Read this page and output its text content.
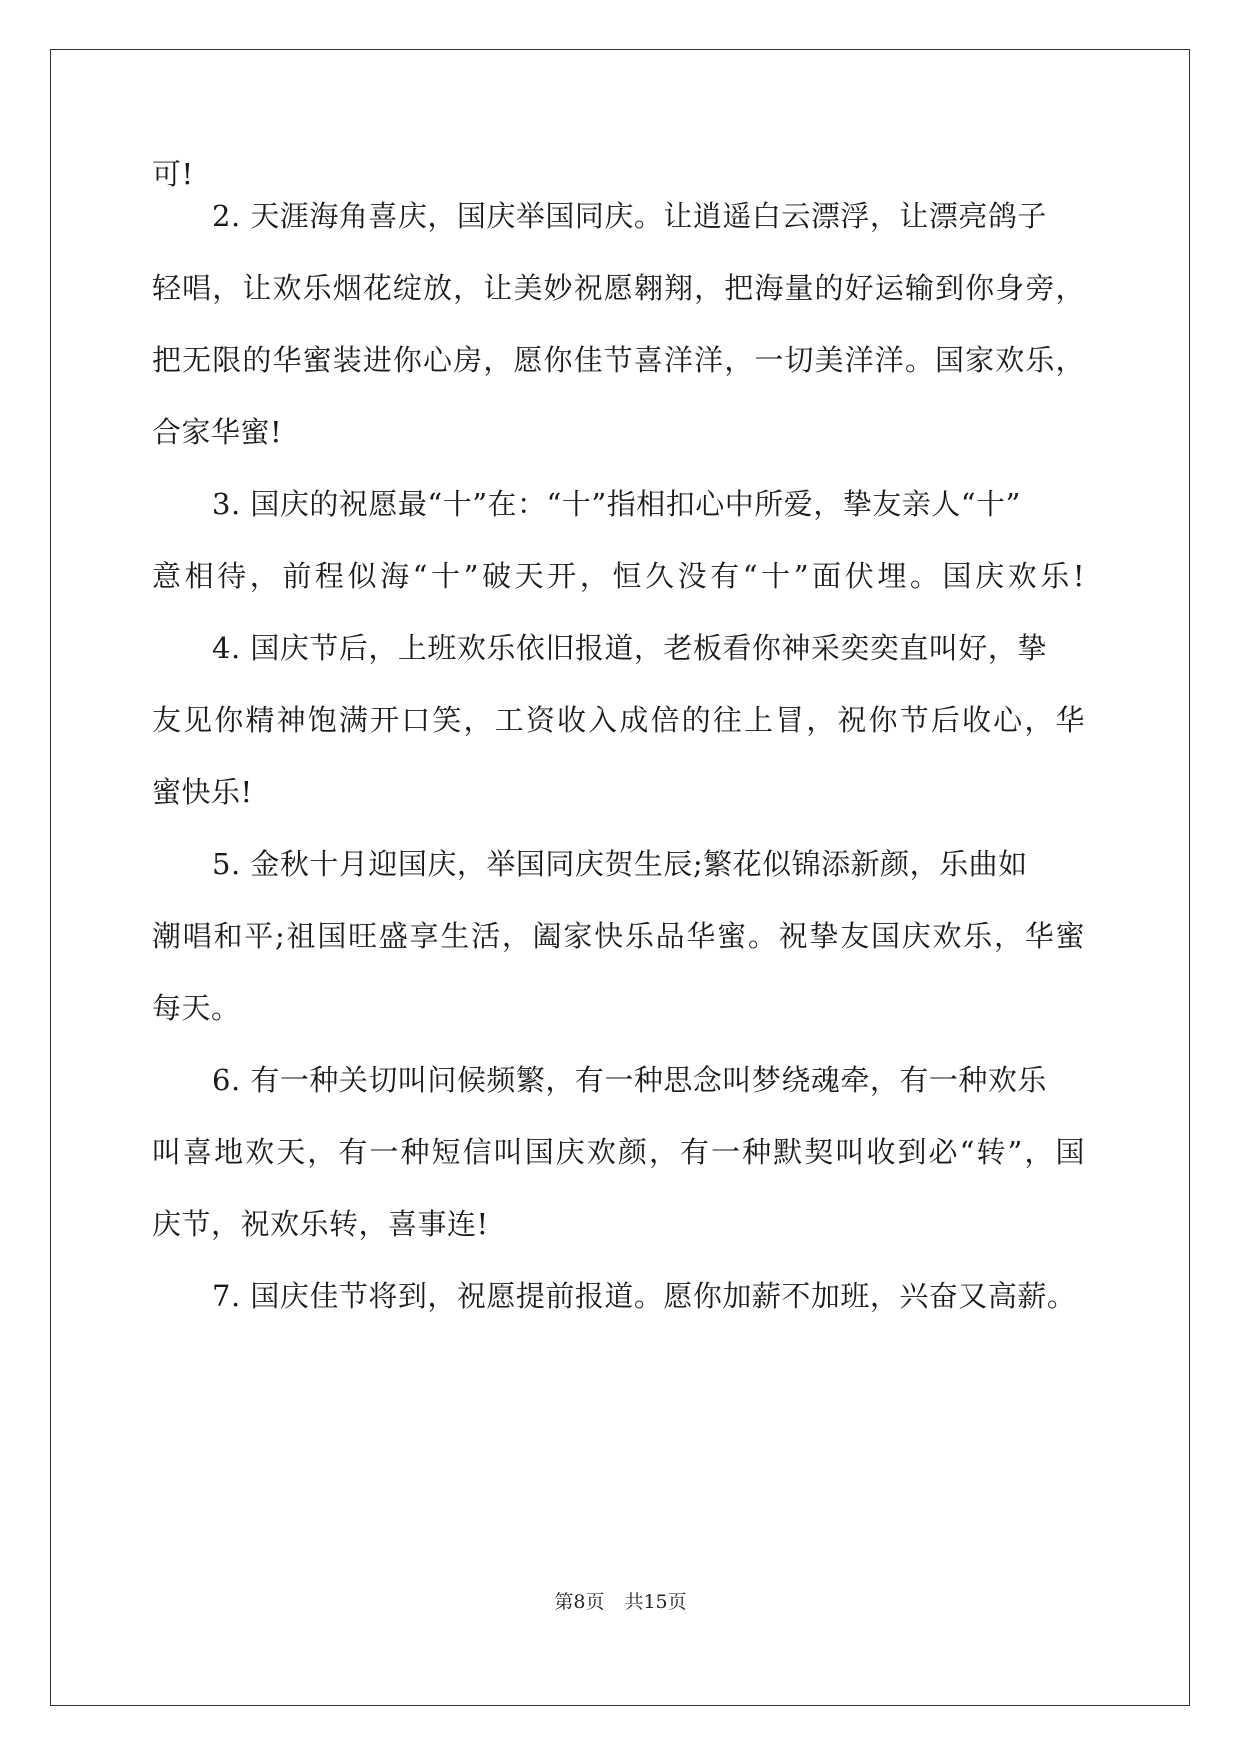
可!
2. 天涯海角喜庆，国庆举国同庆。让逍遥白云漂浮，让漂亮鸽子
轻唱，让欢乐烟花绽放，让美妙祝愿翱翔，把海量的好运输到你身旁，
把无限的华蜜装进你心房，愿你佳节喜洋洋，一切美洋洋。国家欢乐，
合家华蜜!
3. 国庆的祝愿最“十”在：“十”指相扣心中所爱，挚友亲人“十”
意相待，前程似海“十”破天开，恒久没有“十”面伏埋。国庆欢乐!
4. 国庆节后，上班欢乐依旧报道，老板看你神采奕奕直叫好，挚
友见你精神饱满开口笑，工资收入成倍的往上冒，祝你节后收心，华
蜜快乐!
5. 金秋十月迎国庆，举国同庆贺生辰;繁花似锦添新颜，乐曲如
潮唱和平;祖国旺盛享生活，阖家快乐品华蜜。祝挚友国庆欢乐，华蜜
每天。
6. 有一种关切叫问候频繁，有一种思念叫梦绕魂牵，有一种欢乐
叫喜地欢天，有一种短信叫国庆欢颜，有一种默契叫收到必“转”，国
庆节，祝欢乐转，喜事连!
7. 国庆佳节将到，祝愿提前报道。愿你加薪不加班，兴奋又高薪。
第8页 共15页
